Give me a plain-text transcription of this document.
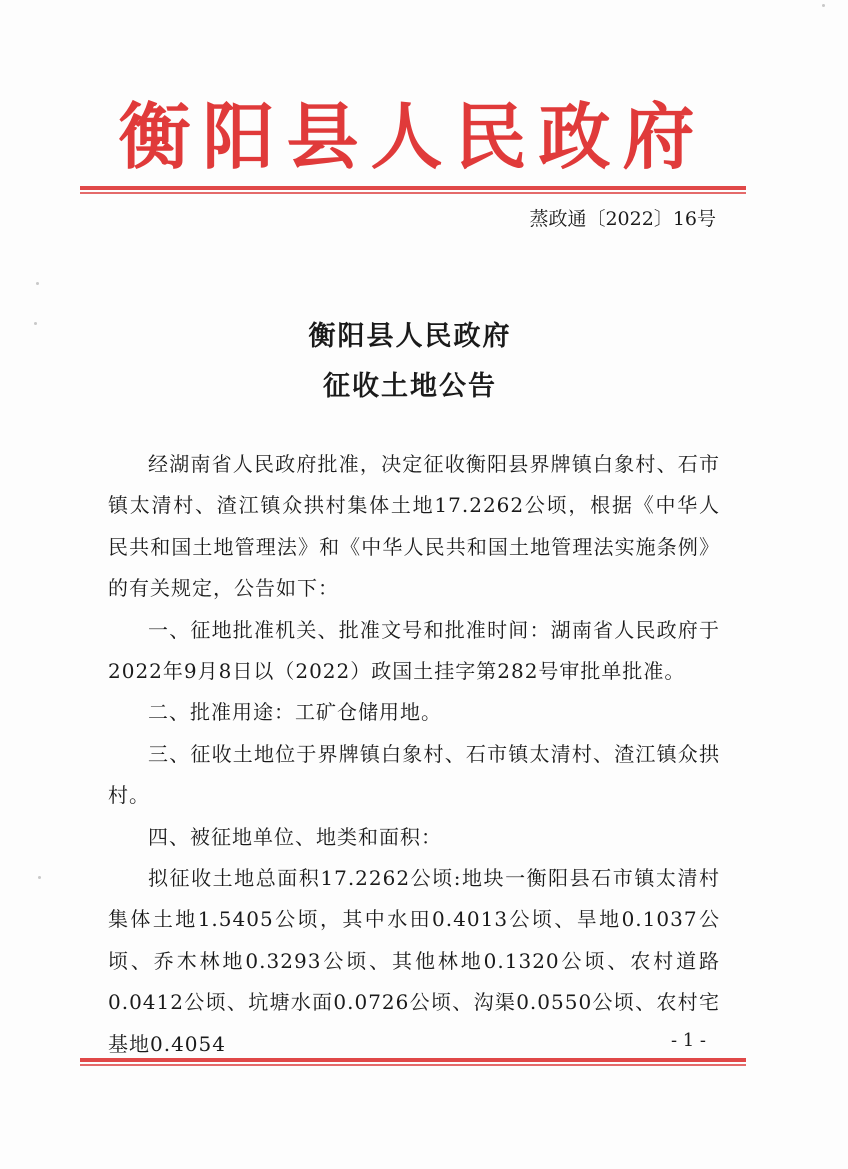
衡阳县人民政府
蒸政通〔2022〕16号
衡阳县人民政府
征收土地公告

经湖南省人民政府批准，决定征收衡阳县界牌镇白象村、石市镇太清村、渣江镇众拱村集体土地17.2262公顷，根据《中华人民共和国土地管理法》和《中华人民共和国土地管理法实施条例》的有关规定，公告如下：

一、征地批准机关、批准文号和批准时间：湖南省人民政府于2022年9月8日以（2022）政国土挂字第282号审批单批准。

二、批准用途：工矿仓储用地。

三、征收土地位于界牌镇白象村、石市镇太清村、渣江镇众拱村。

四、被征地单位、地类和面积：

拟征收土地总面积17.2262公顷:地块一衡阳县石市镇太清村集体土地1.5405公顷，其中水田0.4013公顷、旱地0.1037公顷、乔木林地0.3293公顷、其他林地0.1320公顷、农村道路0.0412公顷、坑塘水面0.0726公顷、沟渠0.0550公顷、农村宅基地0.4054	- 1 -
